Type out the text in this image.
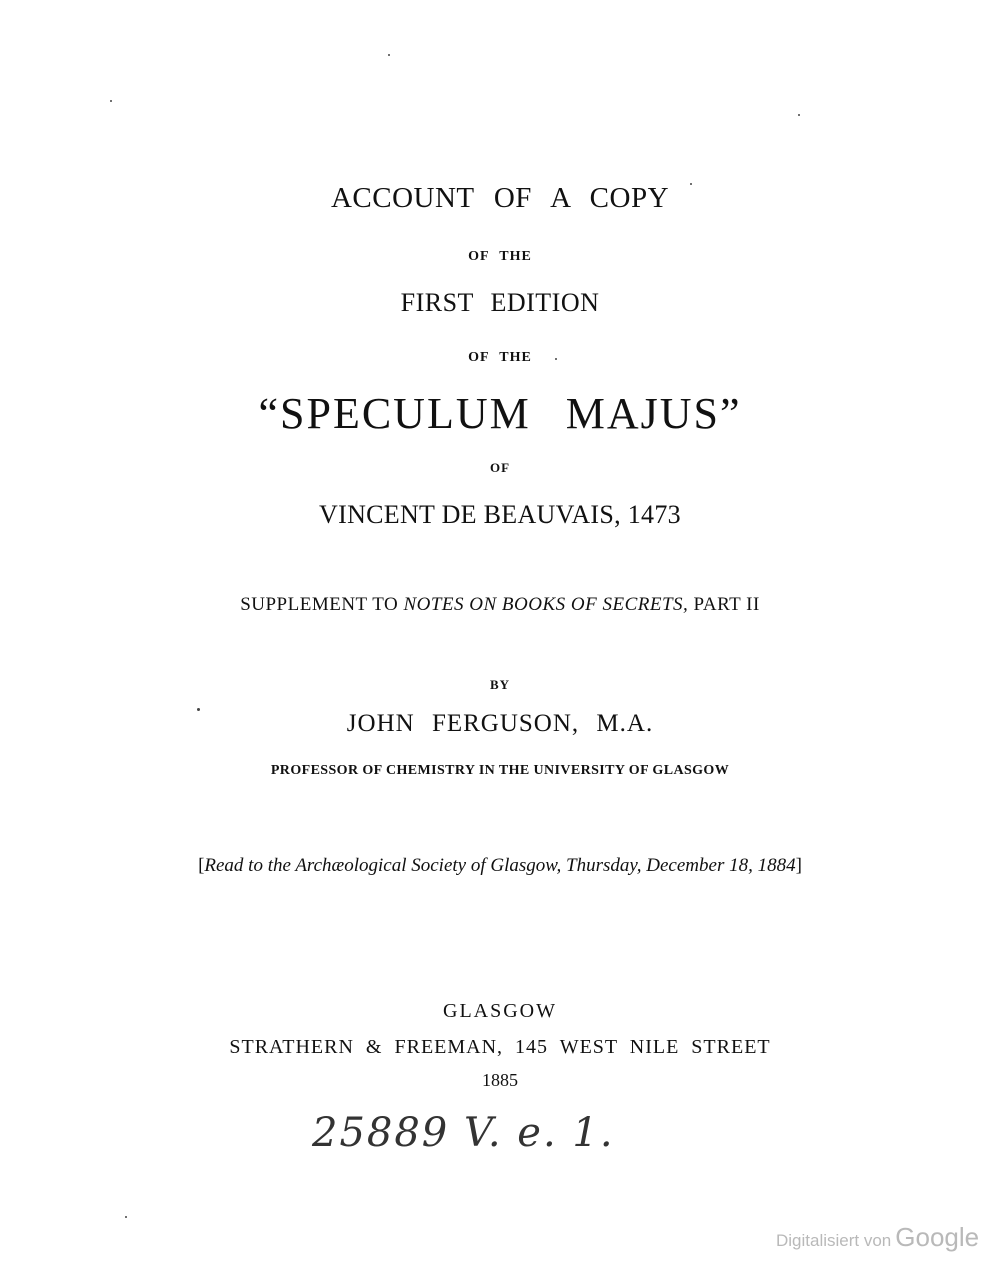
ACCOUNT OF A COPY
OF THE
FIRST EDITION
OF THE
“SPECULUM MAJUS”
OF
VINCENT DE BEAUVAIS, 1473
SUPPLEMENT TO NOTES ON BOOKS OF SECRETS, PART II
BY
JOHN FERGUSON, M.A.
PROFESSOR OF CHEMISTRY IN THE UNIVERSITY OF GLASGOW
[Read to the Archæological Society of Glasgow, Thursday, December 18, 1884]
GLASGOW
STRATHERN & FREEMAN, 145 WEST NILE STREET
1885
25889 V. e. 1.
Digitalisiert von Google
